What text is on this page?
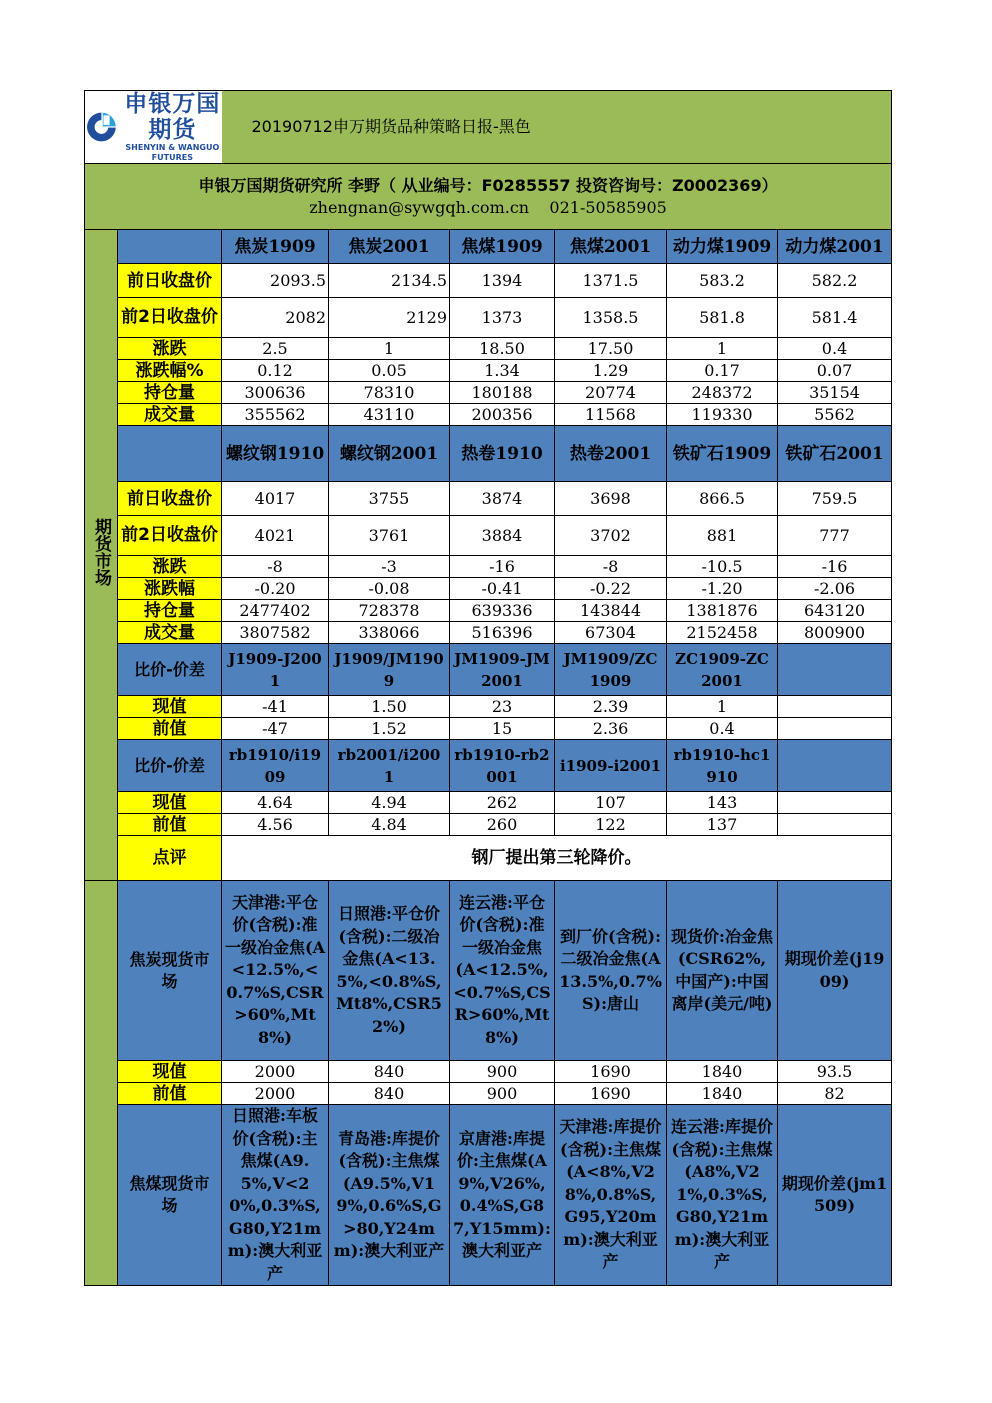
申银万国期货
SHENYIN & WANGUO FUTURES		20190712申万期货品种策略日报-黑色					

申银万国期货研究所 李野（ 从业编号：F0285557 投资咨询号：Z0002369）
zhengnan@sywgqh.com.cn    021-50585905							

期货市场		焦炭1909	焦炭2001	焦煤1909	焦煤2001	动力煤1909	动力煤2001
	前日收盘价	2093.5	2134.5	1394	1371.5	583.2	582.2
	前2日收盘价	2082	2129	1373	1358.5	581.8	581.4
	涨跌	2.5	1	18.50	17.50	1	0.4
	涨跌幅%	0.12	0.05	1.34	1.29	0.17	0.07
	持仓量	300636	78310	180188	20774	248372	35154
	成交量	355562	43110	200356	11568	119330	5562
		螺纹钢1910	螺纹钢2001	热卷1910	热卷2001	铁矿石1909	铁矿石2001
	前日收盘价	4017	3755	3874	3698	866.5	759.5
	前2日收盘价	4021	3761	3884	3702	881	777
	涨跌	-8	-3	-16	-8	-10.5	-16
	涨跌幅	-0.20	-0.08	-0.41	-0.22	-1.20	-2.06
	持仓量	2477402	728378	639336	143844	1381876	643120
	成交量	3807582	338066	516396	67304	2152458	800900
	比价-价差	J1909-J2001	J1909/JM1909	JM1909-JM2001	JM1909/ZC1909	ZC1909-ZC2001	
	现值	-41	1.50	23	2.39	1	
	前值	-47	1.52	15	2.36	0.4	
	比价-价差	rb1910/i1909	rb2001/i2001	rb1910-rb2001	i1909-i2001	rb1910-hc1910	
	现值	4.64	4.94	262	107	143	
	前值	4.56	4.84	260	122	137	
	点评	钢厂提出第三轮降价。					
	焦炭现货市场	天津港:平仓价(含税):准一级冶金焦(A<12.5%,<0.7%S,CSR>60%,Mt8%)	日照港:平仓价(含税):二级冶金焦(A<13.5%,<0.8%S,Mt8%,CSR52%)	连云港:平仓价(含税):准一级冶金焦(A<12.5%,<0.7%S,CSR>60%,Mt8%)	到厂价(含税):二级冶金焦(A13.5%,0.7%S):唐山	现货价:冶金焦(CSR62%,中国产):中国离岸(美元/吨)	期现价差(j1909)
	现值	2000	840	900	1690	1840	93.5
	前值	2000	840	900	1690	1840	82
	焦煤现货市场	日照港:车板价(含税):主焦煤(A9.5%,V<20%,0.3%S,G80,Y21mm):澳大利亚产	青岛港:库提价(含税):主焦煤(A9.5%,V19%,0.6%S,G>80,Y24mm):澳大利亚产	京唐港:库提价:主焦煤(A9%,V26%,0.4%S,G87,Y15mm):澳大利亚产	天津港:库提价(含税):主焦煤(A<8%,V28%,0.8%S,G95,Y20mm):澳大利亚产	连云港:库提价(含税):主焦煤(A8%,V21%,0.3%S,G80,Y21mm):澳大利亚产	期现价差(jm1509)
